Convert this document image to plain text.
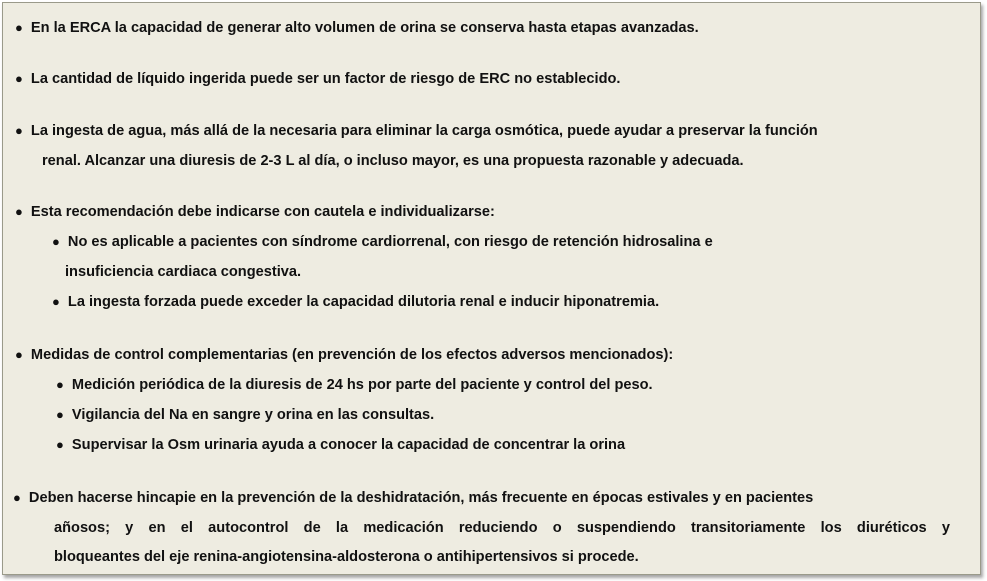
● En la ERCA la capacidad de generar alto volumen de orina se conserva hasta etapas avanzadas.
● La cantidad de líquido ingerida puede ser un factor de riesgo de ERC no establecido.
● La ingesta de agua, más allá de la necesaria para eliminar la carga osmótica, puede ayudar a preservar la función
renal. Alcanzar una diuresis de 2-3 L al día, o incluso mayor, es una propuesta razonable y adecuada.
● Esta recomendación debe indicarse con cautela e individualizarse:
● No es aplicable a pacientes con síndrome cardiorrenal, con riesgo de retención hidrosalina e
insuficiencia cardiaca congestiva.
● La ingesta forzada puede exceder la capacidad dilutoria renal e inducir hiponatremia.
● Medidas de control complementarias (en prevención de los efectos adversos mencionados):
● Medición periódica de la diuresis de 24 hs por parte del paciente y control del peso.
● Vigilancia del Na en sangre y orina en las consultas.
● Supervisar la Osm urinaria ayuda a conocer la capacidad de concentrar la orina
● Deben hacerse hincapie en la prevención de la deshidratación, más frecuente en épocas estivales y en pacientes
añosos; y en el autocontrol de la medicación reduciendo o suspendiendo transitoriamente los diuréticos y
bloqueantes del eje renina-angiotensina-aldosterona o antihipertensivos si procede.
